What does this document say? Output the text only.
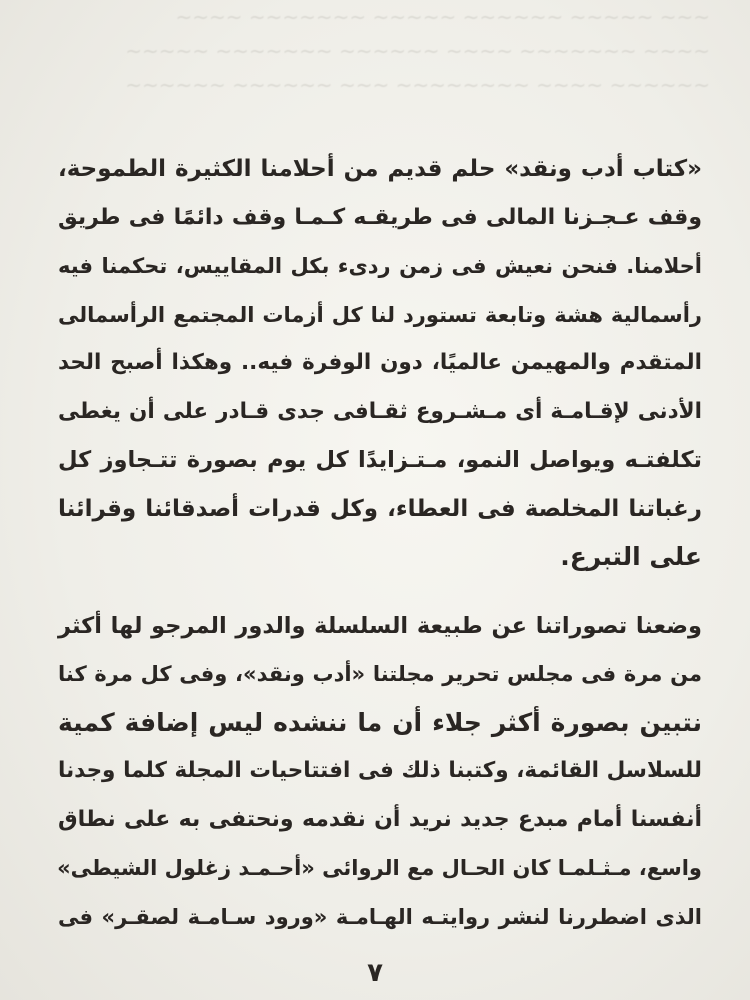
~~~ ~~~~~ ~~~~~~ ~~~~~ ~~~~~~~ ~~~~
~~~~ ~~~~~~~ ~~~~ ~~~~~~ ~~~~~~~ ~~~~~
~~~~~~ ~~~~ ~~~~~~~~ ~~~ ~~~~~~ ~~~~~~

«كتاب أدب ونقد» حلم قديم من أحلامنا الكثيرة الطموحة،

وقف عـجـزنا المالى فى طريقـه كـمـا وقف دائمًا فى طريق

أحلامنا. فنحن نعيش فى زمن ردىء بكل المقاييس، تحكمنا فيه

رأسمالية هشة وتابعة تستورد لنا كل أزمات المجتمع الرأسمالى

المتقدم والمهيمن عالميًا، دون الوفرة فيه.. وهكذا أصبح الحد

الأدنى لإقـامـة أى مـشـروع ثقـافى جدى قـادر على أن يغطى

تكلفتـه ويواصل النمو، مـتـزايدًا كل يوم بصورة تتـجاوز كل

رغباتنا المخلصة فى العطاء، وكل قدرات أصدقائنا وقرائنا

على التبرع.

وضعنا تصوراتنا عن طبيعة السلسلة والدور المرجو لها أكثر

من مرة فى مجلس تحرير مجلتنا «أدب ونقد»، وفى كل مرة كنا

نتبين بصورة أكثر جلاء أن ما ننشده ليس إضافة كمية

للسلاسل القائمة، وكتبنا ذلك فى افتتاحيات المجلة كلما وجدنا

أنفسنا أمام مبدع جديد نريد أن نقدمه ونحتفى به على نطاق

واسع، مـثـلمـا كان الحـال مع الروائى «أحـمـد زغلول الشيطى»

الذى اضطررنا لنشر روايتـه الهـامـة «ورود سـامـة لصقـر» فى

٧
